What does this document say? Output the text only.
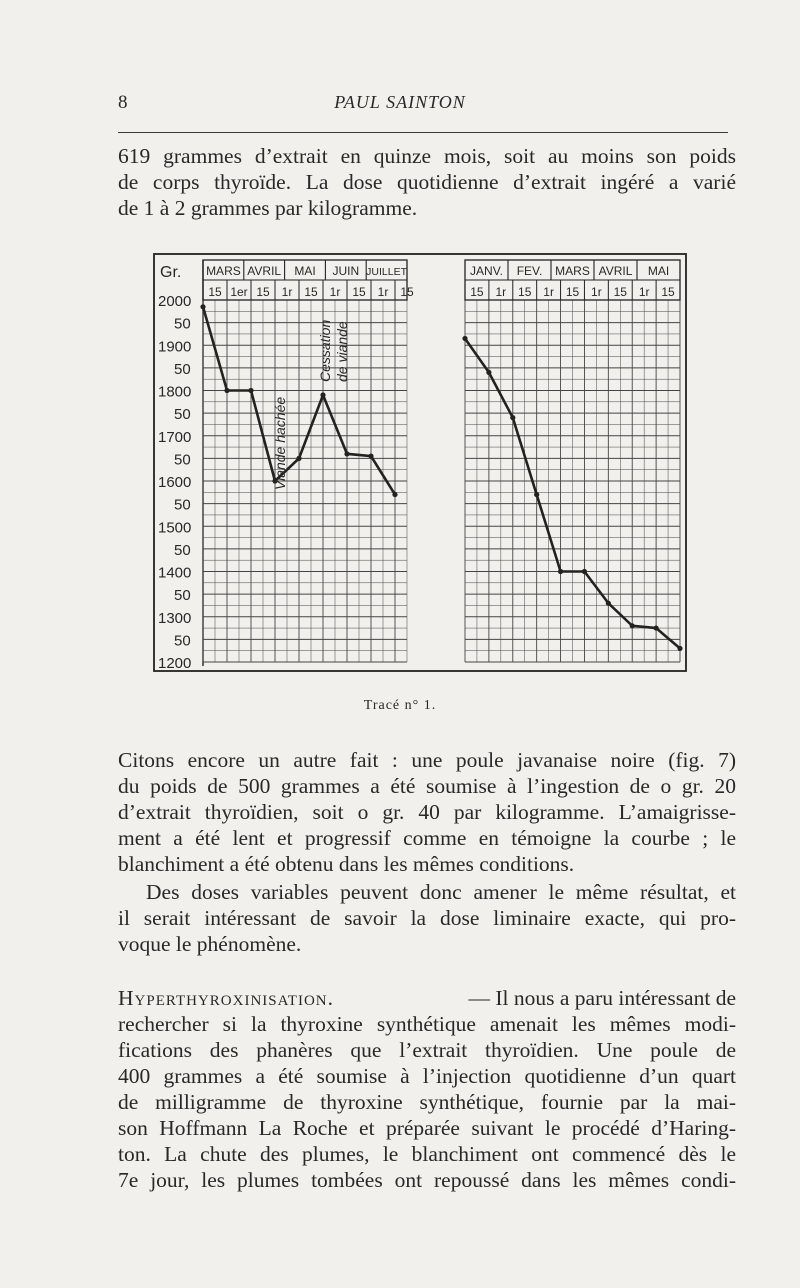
8	PAUL SAINTON
619 grammes d’extrait en quinze mois, soit au moins son poids
de corps thyroïde. La dose quotidienne d’extrait ingéré a varié
de 1 à 2 grammes par kilogramme.
2000
50
1900
50
1800
50
1700
50
1600
50
1500
50
1400
50
1300
50
1200
Gr. MARS AVRIL MAI JUIN JUILLET
15 1er 15 1r 15 1r 15 1r 15
JANV. FEV. MARS AVRIL MAI
15 1r 15 1r 15 1r 15 1r 15
Viande hachée
Cessation de viande
Tracé n° 1.
Citons encore un autre fait : une poule javanaise noire (fig. 7)
du poids de 500 grammes a été soumise à l’ingestion de o gr. 20
d’extrait thyroïdien, soit o gr. 40 par kilogramme. L’amaigrisse-
ment a été lent et progressif comme en témoigne la courbe ; le
blanchiment a été obtenu dans les mêmes conditions.
Des doses variables peuvent donc amener le même résultat, et
il serait intéressant de savoir la dose liminaire exacte, qui pro-
voque le phénomène.
Hyperthyroxinisation.	— Il nous a paru intéressant de
rechercher si la thyroxine synthétique amenait les mêmes modi-
fications des phanères que l’extrait thyroïdien. Une poule de
400 grammes a été soumise à l’injection quotidienne d’un quart
de milligramme de thyroxine synthétique, fournie par la mai-
son Hoffmann La Roche et préparée suivant le procédé d’Haring-
ton. La chute des plumes, le blanchiment ont commencé dès le
7e jour, les plumes tombées ont repoussé dans les mêmes condi-
